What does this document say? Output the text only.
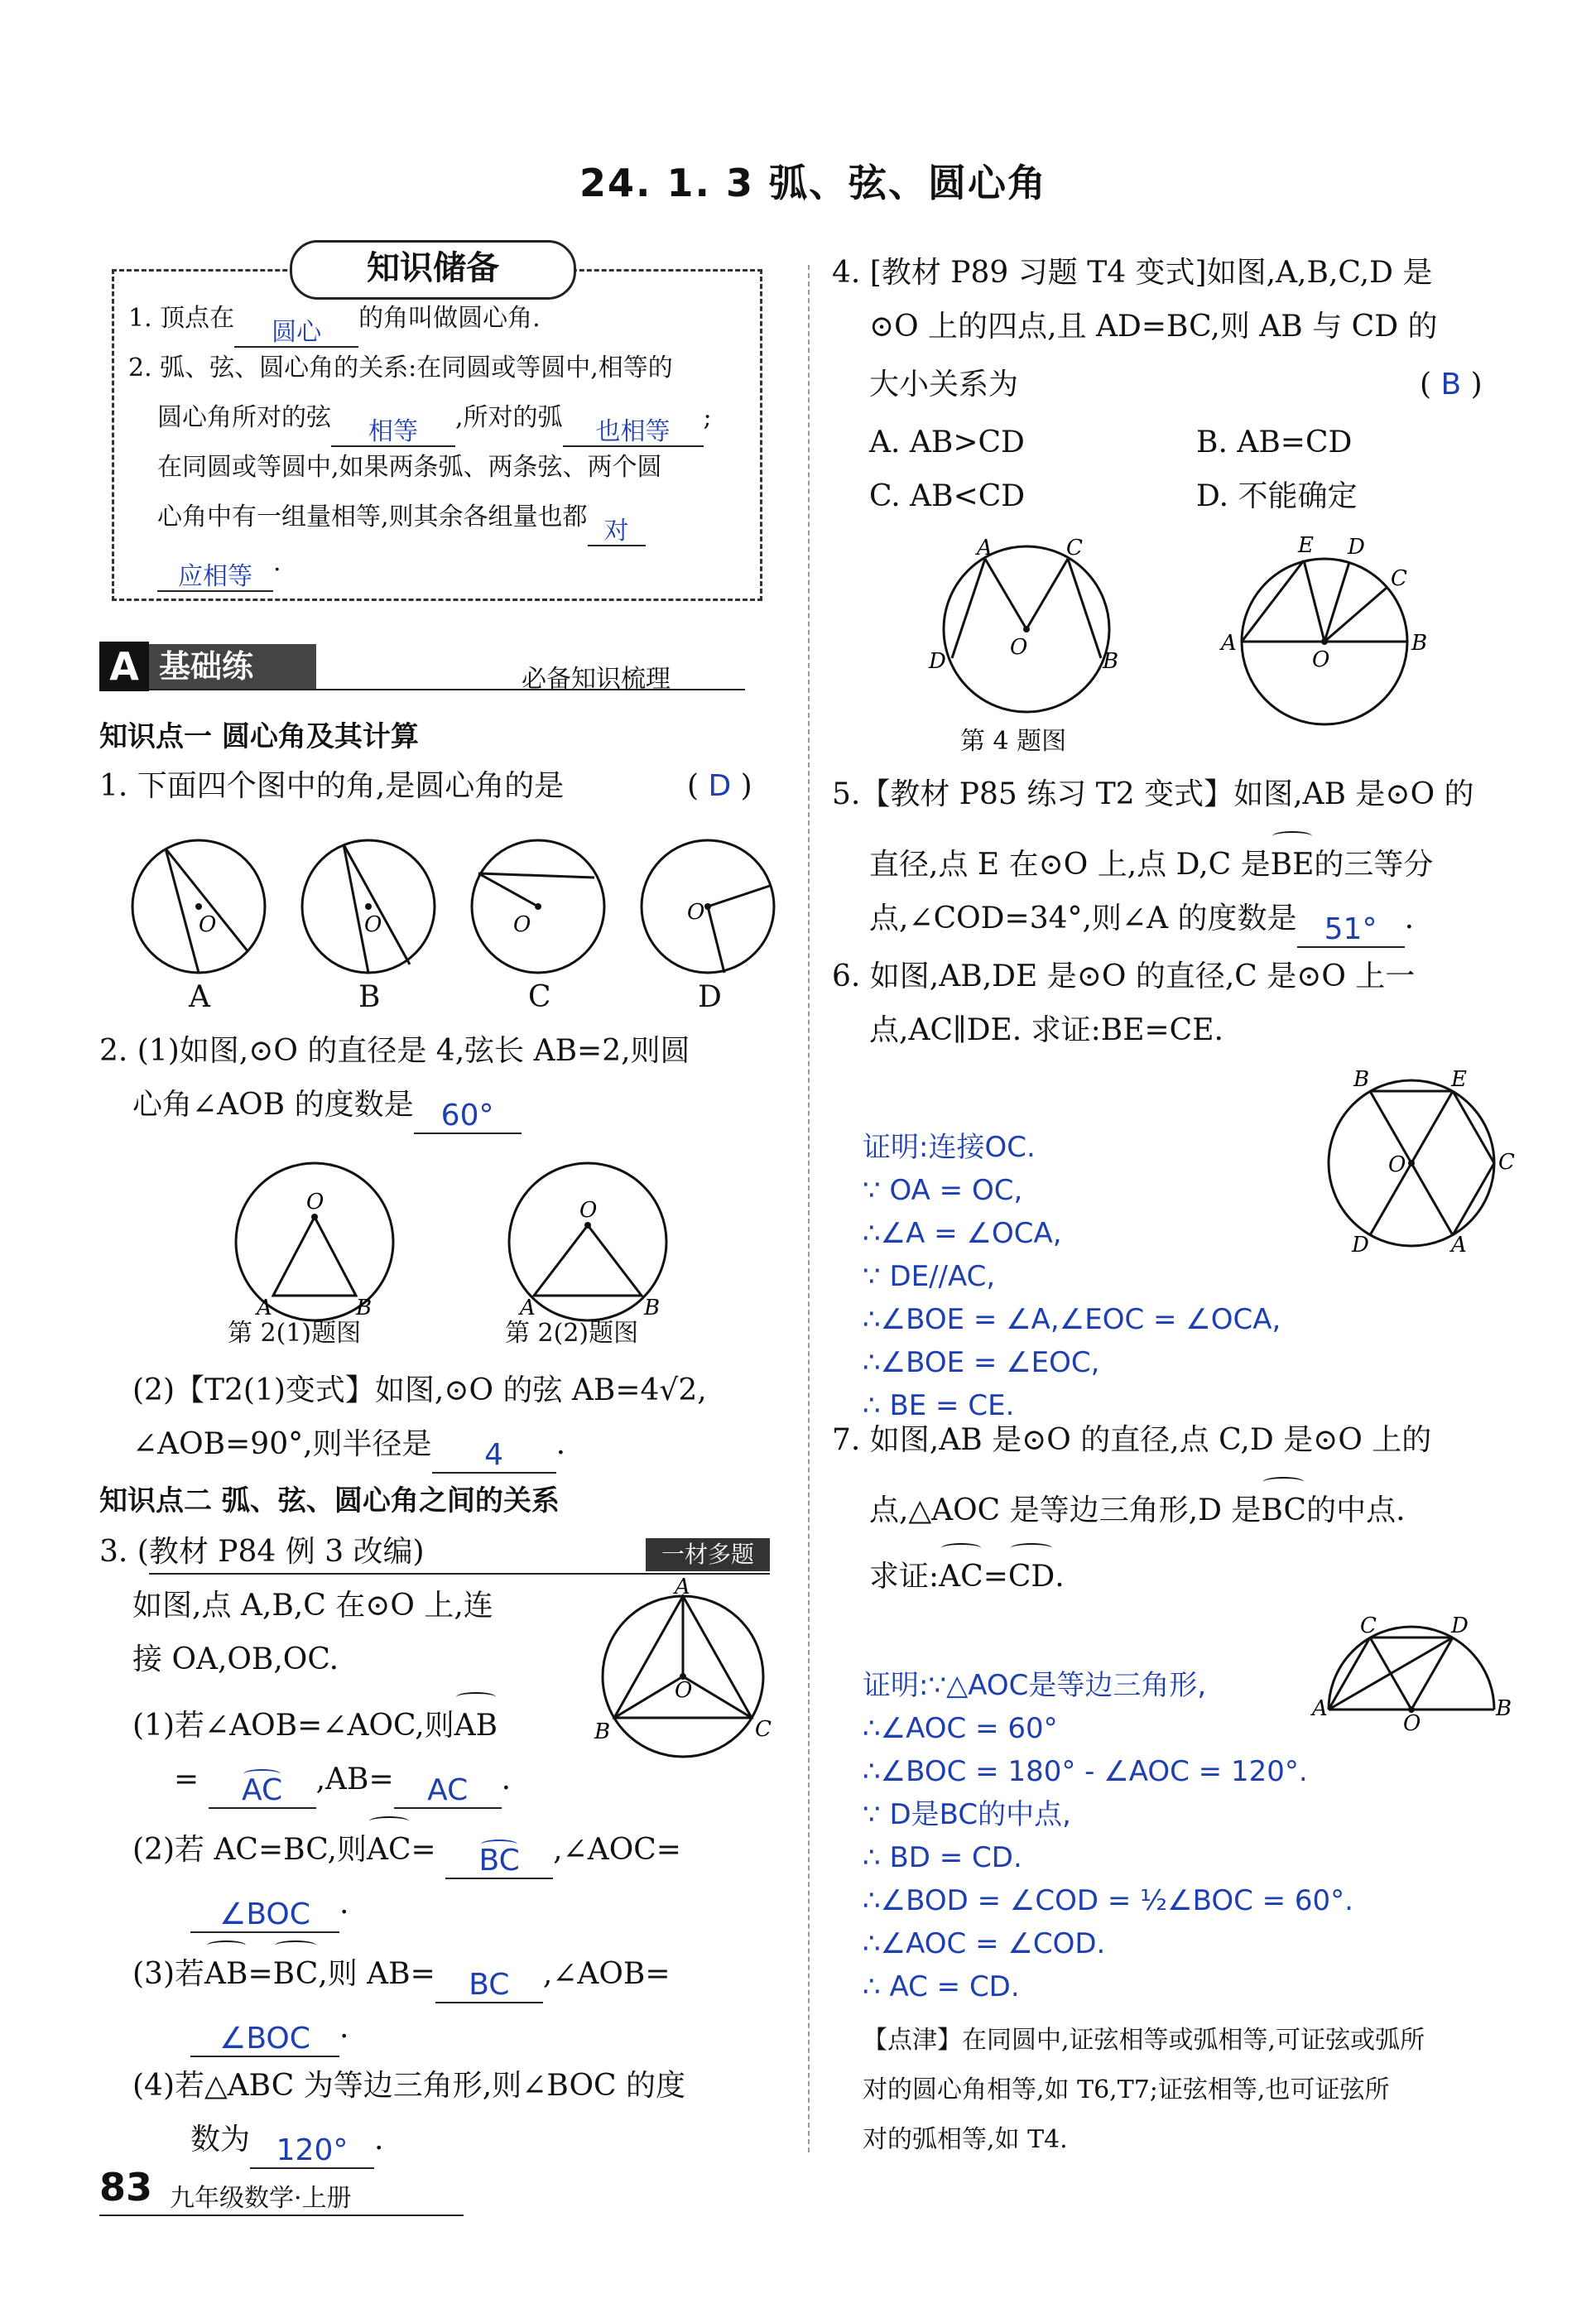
24. 1. 3 弧、弦、圆心角
知识储备
1. 顶点在 圆心 的角叫做圆心角.
2. 弧、弦、圆心角的关系:在同圆或等圆中,相等的
圆心角所对的弦 相等 ,所对的弧 也相等 ;
在同圆或等圆中,如果两条弧、两条弦、两个圆
心角中有一组量相等,则其余各组量也都 对
应相等 .
A 基础练	必备知识梳理
知识点一 圆心角及其计算
1. 下面四个图中的角,是圆心角的是	( D )
O	O	O	O
A	B	C	D
2. (1)如图,⊙O 的直径是 4,弦长 AB=2,则圆
心角∠AOB 的度数是 60°
O
A	B
O
A	B
第 2(1)题图	第 2(2)题图
(2)【T2(1)变式】如图,⊙O 的弦 AB=4√2,
∠AOB=90°,则半径是 4 .
知识点二 弧、弦、圆心角之间的关系
3. (教材 P84 例 3 改编)	一材多题
如图,点 A,B,C 在⊙O 上,连
接 OA,OB,OC.
O
A
B	C
(1)若∠AOB=∠AOC,则AB
= AC ,AB= AC .
(2)若 AC=BC,则AC= BC ,∠AOC=
∠BOC .
(3)若AB=BC,则 AB= BC ,∠AOB=
∠BOC .
(4)若△ABC 为等边三角形,则∠BOC 的度
数为 120° .
83 九年级数学·上册
4. [教材 P89 习题 T4 变式]如图,A,B,C,D 是
⊙O 上的四点,且 AD=BC,则 AB 与 CD 的
大小关系为	( B )
A. AB>CD	B. AB=CD
C. AB<CD	D. 不能确定
O
A	C
D	B	O
E D
C
A	B
第 4 题图
5.【教材 P85 练习 T2 变式】如图,AB 是⊙O 的
直径,点 E 在⊙O 上,点 D,C 是BE的三等分
点,∠COD=34°,则∠A 的度数是 51° .
6. 如图,AB,DE 是⊙O 的直径,C 是⊙O 上一
点,AC∥DE. 求证:BE=CE.
O
B	E
C
D	A
证明:连接OC.
∵ OA = OC,
∴∠A = ∠OCA,
∵ DE//AC,
∴∠BOE = ∠A,∠EOC = ∠OCA,
∴∠BOE = ∠EOC,
∴ BE = CE.
7. 如图,AB 是⊙O 的直径,点 C,D 是⊙O 上的
点,△AOC 是等边三角形,D 是BC的中点.
求证:AC=CD.
O
C	D
A	B
证明:∵△AOC是等边三角形,
∴∠AOC = 60°
∴∠BOC = 180° - ∠AOC = 120°.
∵ D是BC的中点,
∴ BD = CD.
∴∠BOD = ∠COD = ½∠BOC = 60°.
∴∠AOC = ∠COD.
∴ AC = CD.
【点津】在同圆中,证弦相等或弧相等,可证弦或弧所
对的圆心角相等,如 T6,T7;证弦相等,也可证弦所
对的弧相等,如 T4.
